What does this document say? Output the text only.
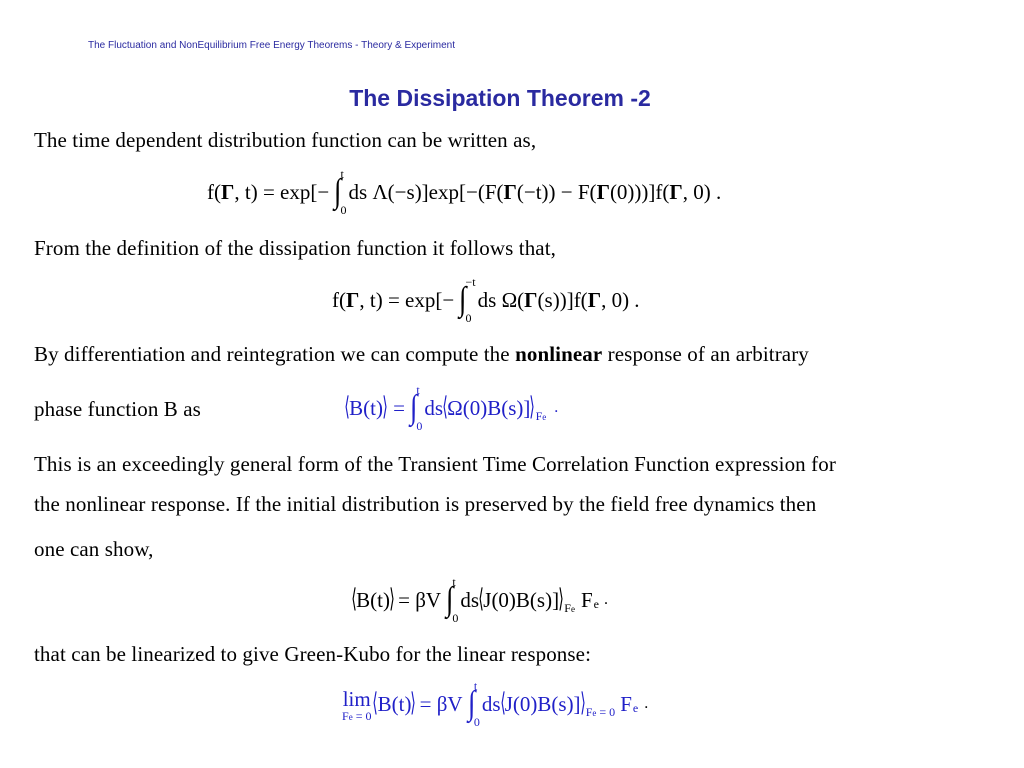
The Fluctuation and NonEquilibrium Free Energy Theorems - Theory & Experiment
The Dissipation Theorem -2
The time dependent distribution function can be written as,
f( Γ , t) = exp[− ∫
t
0
ds Λ(−s)]exp[−(F( Γ (−t)) − F( Γ (0)))]f( Γ , 0) .
From the definition of the dissipation function it follows that,
f( Γ , t) = exp[− ∫
−t
0
ds Ω( Γ (s))]f( Γ , 0) .
By differentiation and reintegration we can compute the nonlinear response of an arbitrary
phase function B as	⟨ B(t) ⟩ = ∫
t
0
ds ⟨ Ω(0)B(s)] ⟩ Fe
.
This is an exceedingly general form of the Transient Time Correlation Function expression for
the nonlinear response. If the initial distribution is preserved by the field free dynamics then
one can show,
⟨ B(t) ⟩ = βV ∫
t
0
ds ⟨ J(0)B(s)] ⟩ Fe F e .
that can be linearized to give Green-Kubo for the linear response:
lim
Fe = 0 ⟨ B(t) ⟩ = βV ∫
t
0
ds ⟨ J(0)B(s)] ⟩ Fe = 0 F e .
